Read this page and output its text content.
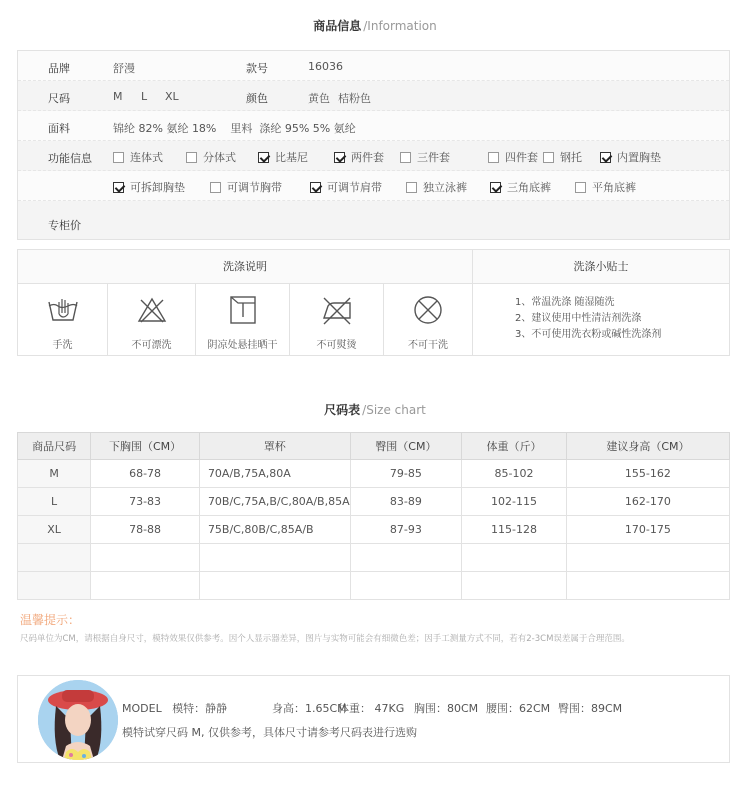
商品信息 /Information
品牌	舒漫	款号	16036
尺码	M L XL	颜色	黄色 桔粉色
面料	锦纶 82% 氨纶 18%    里料  涤纶 95% 5% 氨纶
功能信息	连体式	分体式	比基尼	两件套	三件套	四件套	钢托	内置胸垫
可拆卸胸垫	可调节胸带	可调节肩带	独立泳裤	三角底裤	平角底裤
专柜价
洗涤说明	洗涤小贴士
手洗	不可漂洗	阴凉处悬挂晒干	不可熨烫	不可干洗
1、常温洗涤 随湿随洗
2、建议使用中性清洁剂洗涤
3、不可使用洗衣粉或碱性洗涤剂
尺码表 /Size chart
商品尺码	下胸围（CM）	罩杯	臀围（CM）	体重（斤）	建议身高（CM）
M	68-78	70A/B,75A,80A	79-85	85-102	155-162
L	73-83	70B/C,75A,B/C,80A/B,85A	83-89	102-115	162-170
XL	78-88	75B/C,80B/C,85A/B	87-93	115-128	170-175

温馨提示：
尺码单位为CM，请根据自身尺寸，模特效果仅供参考。因个人显示器差异，图片与实物可能会有细微色差；因手工测量方式不同，若有2-3CM误差属于合理范围。
MODEL   模特：静静	身高：1.65CM
体重： 47KG 胸围：80CM 腰围：62CM 臀围：89CM
模特试穿尺码 M, 仅供参考，具体尺寸请参考尺码表进行选购
